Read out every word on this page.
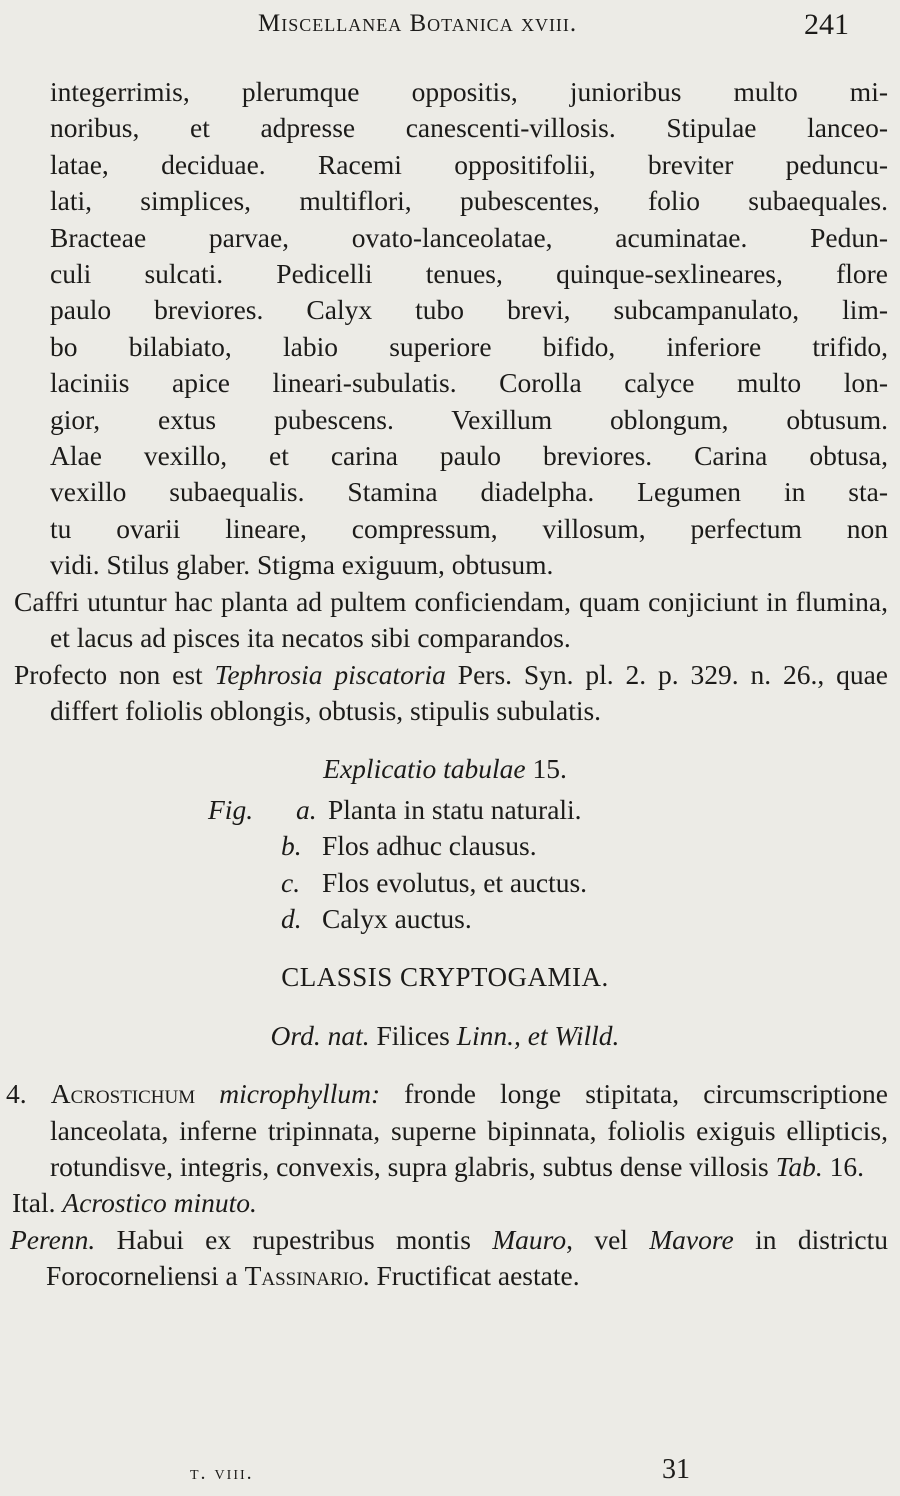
Miscellanea Botanica xviii.	241

integerrimis, plerumque oppositis, junioribus multo mi-
noribus, et adpresse canescenti-villosis. Stipulae lanceo-
latae, deciduae. Racemi oppositifolii, breviter peduncu-
lati, simplices, multiflori, pubescentes, folio subaequales.
Bracteae parvae, ovato-lanceolatae, acuminatae. Pedun-
culi sulcati. Pedicelli tenues, quinque-sexlineares, flore
paulo breviores. Calyx tubo brevi, subcampanulato, lim-
bo bilabiato, labio superiore bifido, inferiore trifido,
laciniis apice lineari-subulatis. Corolla calyce multo lon-
gior, extus pubescens. Vexillum oblongum, obtusum.
Alae vexillo, et carina paulo breviores. Carina obtusa,
vexillo subaequalis. Stamina diadelpha. Legumen in sta-
tu ovarii lineare, compressum, villosum, perfectum non
vidi. Stilus glaber. Stigma exiguum, obtusum.

Caffri utuntur hac planta ad pultem conficiendam, quam conjiciunt in flumina, et lacus ad pisces ita necatos sibi comparandos.

Profecto non est Tephrosia piscatoria Pers. Syn. pl. 2. p. 329. n. 26., quae differt foliolis oblongis, obtusis, stipulis subulatis.

Explicatio tabulae 15.

Fig. a. Planta in statu naturali.
b. Flos adhuc clausus.
c. Flos evolutus, et auctus.
d. Calyx auctus.

CLASSIS CRYPTOGAMIA.

Ord. nat. Filices Linn., et Willd.

4. Acrostichum microphyllum: fronde longe stipitata, circumscriptione lanceolata, inferne tripinnata, superne bipinnata, foliolis exiguis ellipticis, rotundisve, integris, convexis, supra glabris, subtus dense villosis Tab. 16.

Ital. Acrostico minuto.

Perenn. Habui ex rupestribus montis Mauro, vel Mavore in districtu Forocorneliensi a Tassinario. Fructificat aestate.

t. viii.	31
